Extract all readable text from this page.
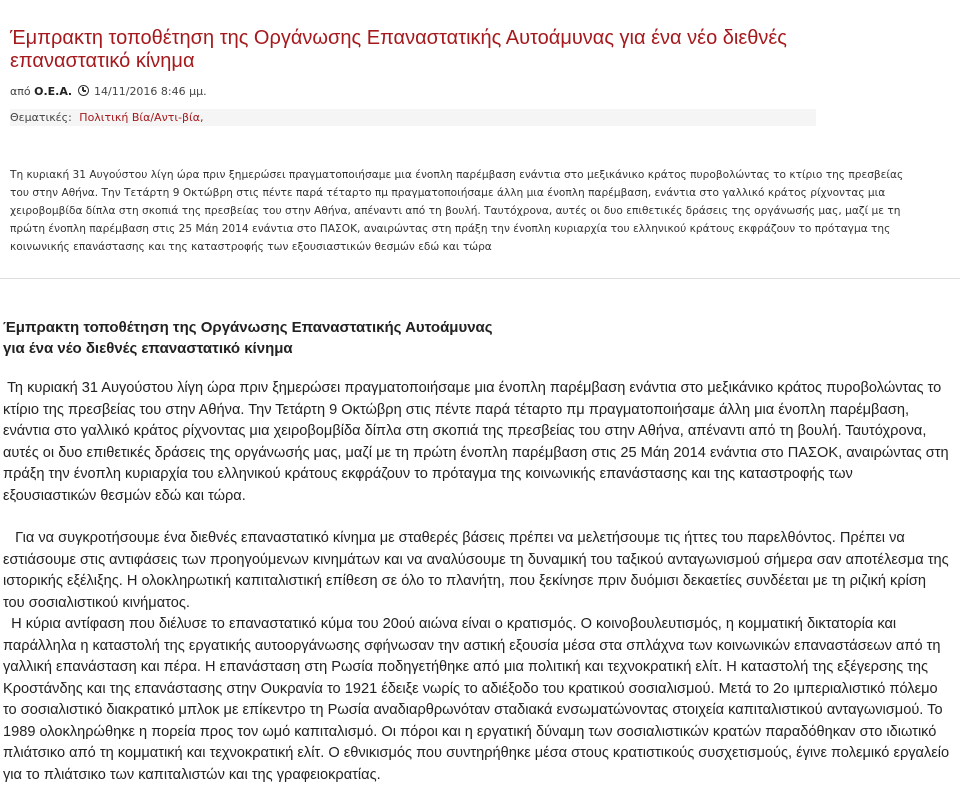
Έμπρακτη τοποθέτηση της Οργάνωσης Επαναστατικής Αυτοάμυνας για ένα νέο διεθνές επαναστατικό κίνημα
από Ο.Ε.Α. 14/11/2016 8:46 μμ.
Θεματικές: Πολιτική Βία/Αντι-βία,
Τη κυριακή 31 Αυγούστου λίγη ώρα πριν ξημερώσει πραγματοποιήσαμε μια ένοπλη παρέμβαση ενάντια στο μεξικάνικο κράτος πυροβολώντας το κτίριο της πρεσβείας του στην Αθήνα. Την Τετάρτη 9 Οκτώβρη στις πέντε παρά τέταρτο πμ πραγματοποιήσαμε άλλη μια ένοπλη παρέμβαση, ενάντια στο γαλλικό κράτος ρίχνοντας μια χειροβομβίδα δίπλα στη σκοπιά της πρεσβείας του στην Αθήνα, απέναντι από τη βουλή. Ταυτόχρονα, αυτές οι δυο επιθετικές δράσεις της οργάνωσής μας, μαζί με τη πρώτη ένοπλη παρέμβαση στις 25 Μάη 2014 ενάντια στο ΠΑΣΟΚ, αναιρώντας στη πράξη την ένοπλη κυριαρχία του ελληνικού κράτους εκφράζουν το πρόταγμα της κοινωνικής επανάστασης και της καταστροφής των εξουσιαστικών θεσμών εδώ και τώρα
Έμπρακτη τοποθέτηση της Οργάνωσης Επαναστατικής Αυτοάμυνας
για ένα νέο διεθνές επαναστατικό κίνημα

Τη κυριακή 31 Αυγούστου λίγη ώρα πριν ξημερώσει πραγματοποιήσαμε μια ένοπλη παρέμβαση ενάντια στο μεξικάνικο κράτος πυροβολώντας το κτίριο της πρεσβείας του στην Αθήνα. Την Τετάρτη 9 Οκτώβρη στις πέντε παρά τέταρτο πμ πραγματοποιήσαμε άλλη μια ένοπλη παρέμβαση, ενάντια στο γαλλικό κράτος ρίχνοντας μια χειροβομβίδα δίπλα στη σκοπιά της πρεσβείας του στην Αθήνα, απέναντι από τη βουλή. Ταυτόχρονα, αυτές οι δυο επιθετικές δράσεις της οργάνωσής μας, μαζί με τη πρώτη ένοπλη παρέμβαση στις 25 Μάη 2014 ενάντια στο ΠΑΣΟΚ, αναιρώντας στη πράξη την ένοπλη κυριαρχία του ελληνικού κράτους εκφράζουν το πρόταγμα της κοινωνικής επανάστασης και της καταστροφής των εξουσιαστικών θεσμών εδώ και τώρα.

Για να συγκροτήσουμε ένα διεθνές επαναστατικό κίνημα με σταθερές βάσεις πρέπει να μελετήσουμε τις ήττες του παρελθόντος. Πρέπει να εστιάσουμε στις αντιφάσεις των προηγούμενων κινημάτων και να αναλύσουμε τη δυναμική του ταξικού ανταγωνισμού σήμερα σαν αποτέλεσμα της ιστορικής εξέλιξης. Η ολοκληρωτική καπιταλιστική επίθεση σε όλο το πλανήτη, που ξεκίνησε πριν δυόμισι δεκαετίες συνδέεται με τη ριζική κρίση του σοσιαλιστικού κινήματος.

Η κύρια αντίφαση που διέλυσε το επαναστατικό κύμα του 20ού αιώνα είναι ο κρατισμός. Ο κοινοβουλευτισμός, η κομματική δικτατορία και παράλληλα η καταστολή της εργατικής αυτοοργάνωσης σφήνωσαν την αστική εξουσία μέσα στα σπλάχνα των κοινωνικών επαναστάσεων από τη γαλλική επανάσταση και πέρα. Η επανάσταση στη Ρωσία ποδηγετήθηκε από μια πολιτική και τεχνοκρατική ελίτ. Η καταστολή της εξέγερσης της Κροστάνδης και της επανάστασης στην Ουκρανία το 1921 έδειξε νωρίς το αδιέξοδο του κρατικού σοσιαλισμού. Μετά το 2ο ιμπεριαλιστικό πόλεμο το σοσιαλιστικό διακρατικό μπλοκ με επίκεντρο τη Ρωσία αναδιαρθρωνόταν σταδιακά ενσωματώνοντας στοιχεία καπιταλιστικού ανταγωνισμού. Το 1989 ολοκληρώθηκε η πορεία προς τον ωμό καπιταλισμό. Οι πόροι και η εργατική δύναμη των σοσιαλιστικών κρατών παραδόθηκαν στο ιδιωτικό πλιάτσικο από τη κομματική και τεχνοκρατική ελίτ. Ο εθνικισμός που συντηρήθηκε μέσα στους κρατιστικούς συσχετισμούς, έγινε πολεμικό εργαλείο για το πλιάτσικο των καπιταλιστών και της γραφειοκρατίας.
